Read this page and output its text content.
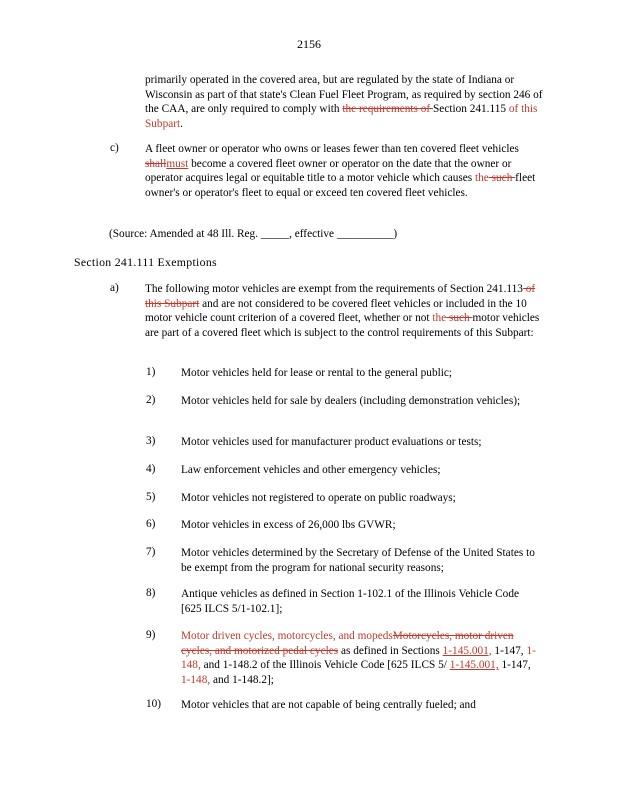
2156
primarily operated in the covered area, but are regulated by the state of Indiana or Wisconsin as part of that state's Clean Fuel Fleet Program, as required by section 246 of the CAA, are only required to comply with the requirements of Section 241.115 of this Subpart.
c) A fleet owner or operator who owns or leases fewer than ten covered fleet vehicles shallmust become a covered fleet owner or operator on the date that the owner or operator acquires legal or equitable title to a motor vehicle which causes the such fleet owner's or operator's fleet to equal or exceed ten covered fleet vehicles.
(Source: Amended at 48 Ill. Reg. _____, effective __________)
Section 241.111 Exemptions
a) The following motor vehicles are exempt from the requirements of Section 241.113 of this Subpart and are not considered to be covered fleet vehicles or included in the 10 motor vehicle count criterion of a covered fleet, whether or not the such motor vehicles are part of a covered fleet which is subject to the control requirements of this Subpart:
1) Motor vehicles held for lease or rental to the general public;
2) Motor vehicles held for sale by dealers (including demonstration vehicles);
3) Motor vehicles used for manufacturer product evaluations or tests;
4) Law enforcement vehicles and other emergency vehicles;
5) Motor vehicles not registered to operate on public roadways;
6) Motor vehicles in excess of 26,000 lbs GVWR;
7) Motor vehicles determined by the Secretary of Defense of the United States to be exempt from the program for national security reasons;
8) Antique vehicles as defined in Section 1-102.1 of the Illinois Vehicle Code [625 ILCS 5/1-102.1];
9) Motor driven cycles, motorcycles, and mopedsMotorcycles, motor driven cycles, and motorized pedal cycles as defined in Sections 1-145.001, 1-147, 1-148, and 1-148.2 of the Illinois Vehicle Code [625 ILCS 5/ 1-145.001, 1-147, 1-148, and 1-148.2];
10) Motor vehicles that are not capable of being centrally fueled; and
